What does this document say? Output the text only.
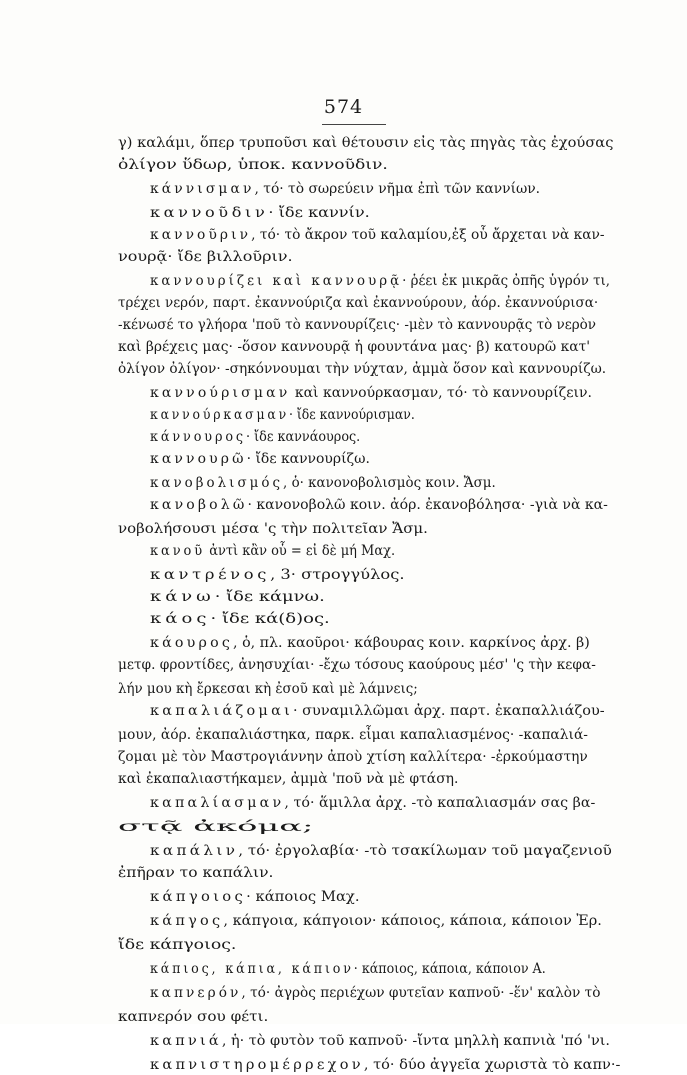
574
γ) καλάμι, ὅπερ τρυποῦσι καὶ θέτουσιν εἰς τὰς πηγὰς τὰς ἐχούσας
ὀλίγον ὕδωρ, ὑποκ. καννοῦδιν.
κάννισμαν, τό· τὸ σωρεύειν νῆμα ἐπὶ τῶν καννίων.
καννοῦδιν· ἴδε καννίν.
καννοῦριν, τό· τὸ ἄκρον τοῦ καλαμίου,ἐξ οὗ ἄρχεται νὰ καν-
νουρᾷ· ἴδε βιλλοῦριν.
καννουρίζει καὶ καννουρᾷ· ῥέει ἐκ μικρᾶς ὀπῆς ὑγρόν τι,
τρέχει νερόν, παρτ. ἐκαννούριζα καὶ ἐκαννούρουν, ἀόρ. ἐκαννούρισα·
-κένωσέ το γλήορα 'ποῦ τὸ καννουρίζεις· -μὲν τὸ καννουρᾷς τὸ νερὸν
καὶ βρέχεις μας· -ὅσον καννουρᾷ ἡ φουντάνα μας· β) κατουρῶ κατ'
ὀλίγον ὀλίγον· -σηκόννουμαι τὴν νύχταν, ἀμμὰ ὅσον καὶ καννουρίζω.
καννούρισμαν καὶ καννούρκασμαν, τό· τὸ καννουρίζειν.
καννούρκασμαν· ἴδε καννούρισμαν.
κάννουρος· ἴδε καννάουρος.
καννουρῶ· ἴδε καννουρίζω.
κανοβολισμός, ὁ· κανονοβολισμὸς κοιν. Ἄσμ.
κανοβολῶ· κανονοβολῶ κοιν. ἀόρ. ἐκανοβόλησα· -γιὰ νὰ κα-
νοβολήσουσι μέσα 'ς τὴν πολιτεῖαν Ἄσμ.
κανοῦ ἀντὶ κἂν οὗ = εἰ δὲ μή Μαχ.
καντρένος, 3· στρογγύλος.
κάνω· ἴδε κάμνω.
κάος· ἴδε κά(δ)ος.
κάουρος, ὁ, πλ. καοῦροι· κάβουρας κοιν. καρκίνος ἀρχ. β)
μετφ. φροντίδες, ἀνησυχίαι· -ἔχω τόσους καούρους μέσ' 'ς τὴν κεφα-
λήν μου κὴ ἔρκεσαι κὴ ἐσοῦ καὶ μὲ λάμνεις;
καπαλιάζομαι· συναμιλλῶμαι ἀρχ. παρτ. ἐκαπαλλιάζου-
μουν, ἀόρ. ἐκαπαλιάστηκα, παρκ. εἶμαι καπαλιασμένος· -καπαλιά-
ζομαι μὲ τὸν Μαστρογιάννην ἀποὺ χτίση καλλίτερα· -ἐρκούμαστην
καὶ ἐκαπαλιαστήκαμεν, ἀμμὰ 'ποῦ νὰ μὲ φτάση.
καπαλίασμαν, τό· ἅμιλλα ἀρχ. -τὸ καπαλιασμάν σας βα-
στᾷ ἀκόμα;
καπάλιν, τό· ἐργολαβία· -τὸ τσακίλωμαν τοῦ μαγαζενιοῦ
ἐπῆραν το καπάλιν.
κάπγοιος· κάποιος Μαχ.
κάπγος, κάπγοια, κάπγοιον· κάποιος, κάποια, κάποιον Ἐρ.
ἴδε κάπγοιος.
κάπιος, κάπια, κάπιον· κάποιος, κάποια, κάποιον Α.
καπνερόν, τό· ἀγρὸς περιέχων φυτεῖαν καπνοῦ· -ἕν' καλὸν τὸ
καπνερόν σου φέτι.
καπνιά, ἡ· τὸ φυτὸν τοῦ καπνοῦ· -ἴντα μηλλὴ καπνιὰ 'πό 'νι.
καπνιστηρομέρρεχον, τό· δύο ἀγγεῖα χωριστὰ τὸ καπν·-
